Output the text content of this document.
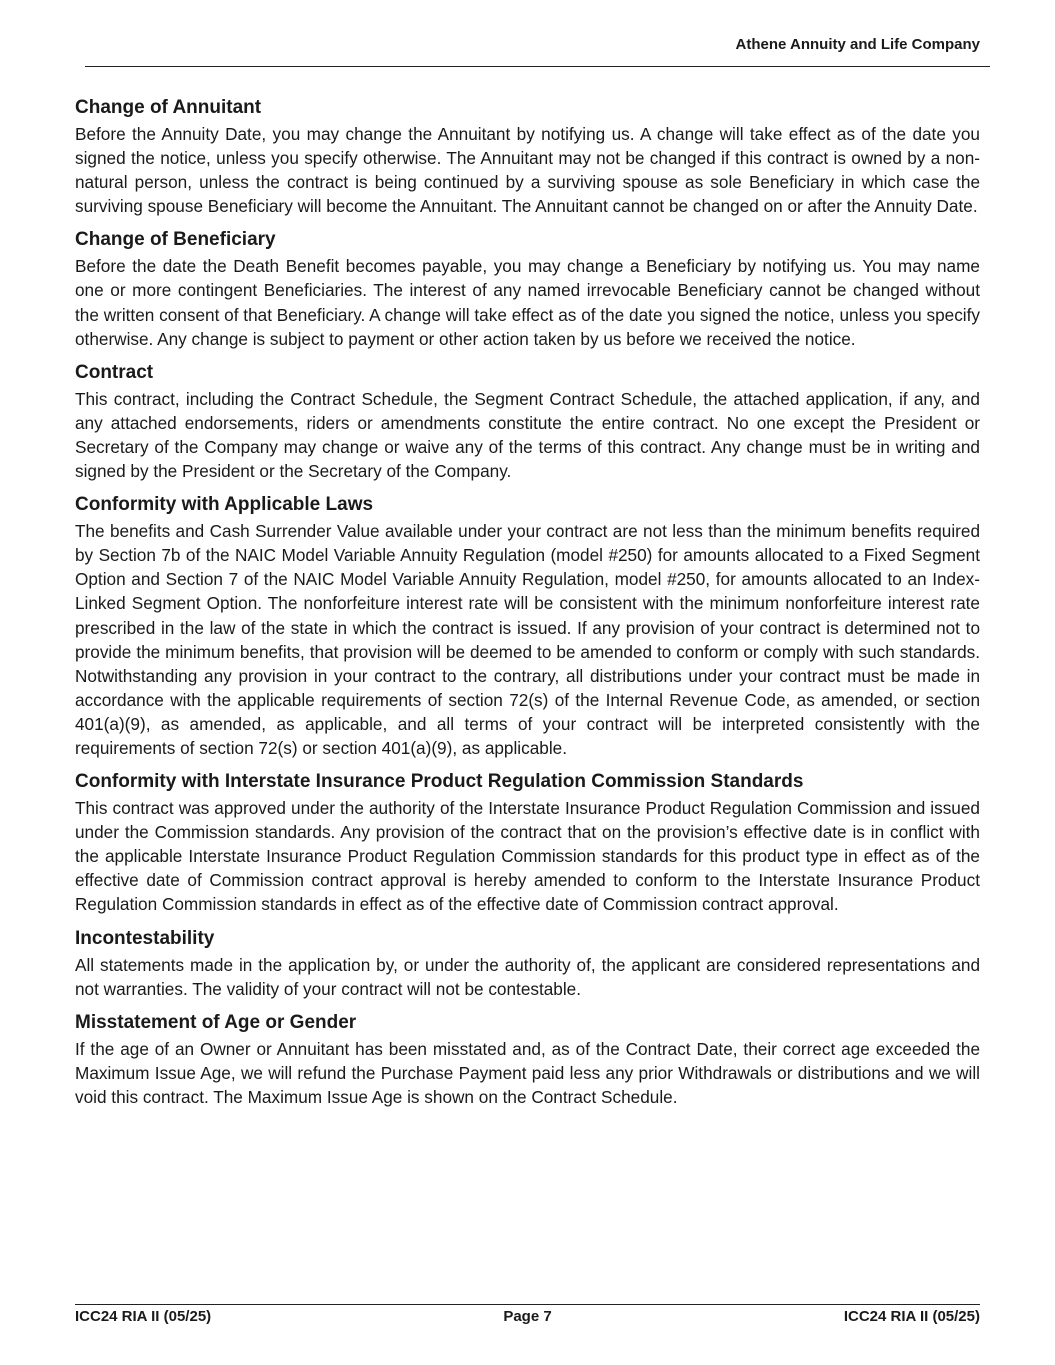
Athene Annuity and Life Company
Change of Annuitant

Before the Annuity Date, you may change the Annuitant by notifying us. A change will take effect as of the date you signed the notice, unless you specify otherwise. The Annuitant may not be changed if this contract is owned by a non-natural person, unless the contract is being continued by a surviving spouse as sole Beneficiary in which case the surviving spouse Beneficiary will become the Annuitant. The Annuitant cannot be changed on or after the Annuity Date.

Change of Beneficiary

Before the date the Death Benefit becomes payable, you may change a Beneficiary by notifying us. You may name one or more contingent Beneficiaries. The interest of any named irrevocable Beneficiary cannot be changed without the written consent of that Beneficiary. A change will take effect as of the date you signed the notice, unless you specify otherwise. Any change is subject to payment or other action taken by us before we received the notice.

Contract

This contract, including the Contract Schedule, the Segment Contract Schedule, the attached application, if any, and any attached endorsements, riders or amendments constitute the entire contract. No one except the President or Secretary of the Company may change or waive any of the terms of this contract. Any change must be in writing and signed by the President or the Secretary of the Company.

Conformity with Applicable Laws

The benefits and Cash Surrender Value available under your contract are not less than the minimum benefits required by Section 7b of the NAIC Model Variable Annuity Regulation (model #250) for amounts allocated to a Fixed Segment Option and Section 7 of the NAIC Model Variable Annuity Regulation, model #250, for amounts allocated to an Index-Linked Segment Option. The nonforfeiture interest rate will be consistent with the minimum nonforfeiture interest rate prescribed in the law of the state in which the contract is issued. If any provision of your contract is determined not to provide the minimum benefits, that provision will be deemed to be amended to conform or comply with such standards. Notwithstanding any provision in your contract to the contrary, all distributions under your contract must be made in accordance with the applicable requirements of section 72(s) of the Internal Revenue Code, as amended, or section 401(a)(9), as amended, as applicable, and all terms of your contract will be interpreted consistently with the requirements of section 72(s) or section 401(a)(9), as applicable.

Conformity with Interstate Insurance Product Regulation Commission Standards

This contract was approved under the authority of the Interstate Insurance Product Regulation Commission and issued under the Commission standards. Any provision of the contract that on the provision’s effective date is in conflict with the applicable Interstate Insurance Product Regulation Commission standards for this product type in effect as of the effective date of Commission contract approval is hereby amended to conform to the Interstate Insurance Product Regulation Commission standards in effect as of the effective date of Commission contract approval.

Incontestability

All statements made in the application by, or under the authority of, the applicant are considered representations and not warranties. The validity of your contract will not be contestable.

Misstatement of Age or Gender

If the age of an Owner or Annuitant has been misstated and, as of the Contract Date, their correct age exceeded the Maximum Issue Age, we will refund the Purchase Payment paid less any prior Withdrawals or distributions and we will void this contract. The Maximum Issue Age is shown on the Contract Schedule.

ICC24 RIA II (05/25)	Page 7	ICC24 RIA II (05/25)
